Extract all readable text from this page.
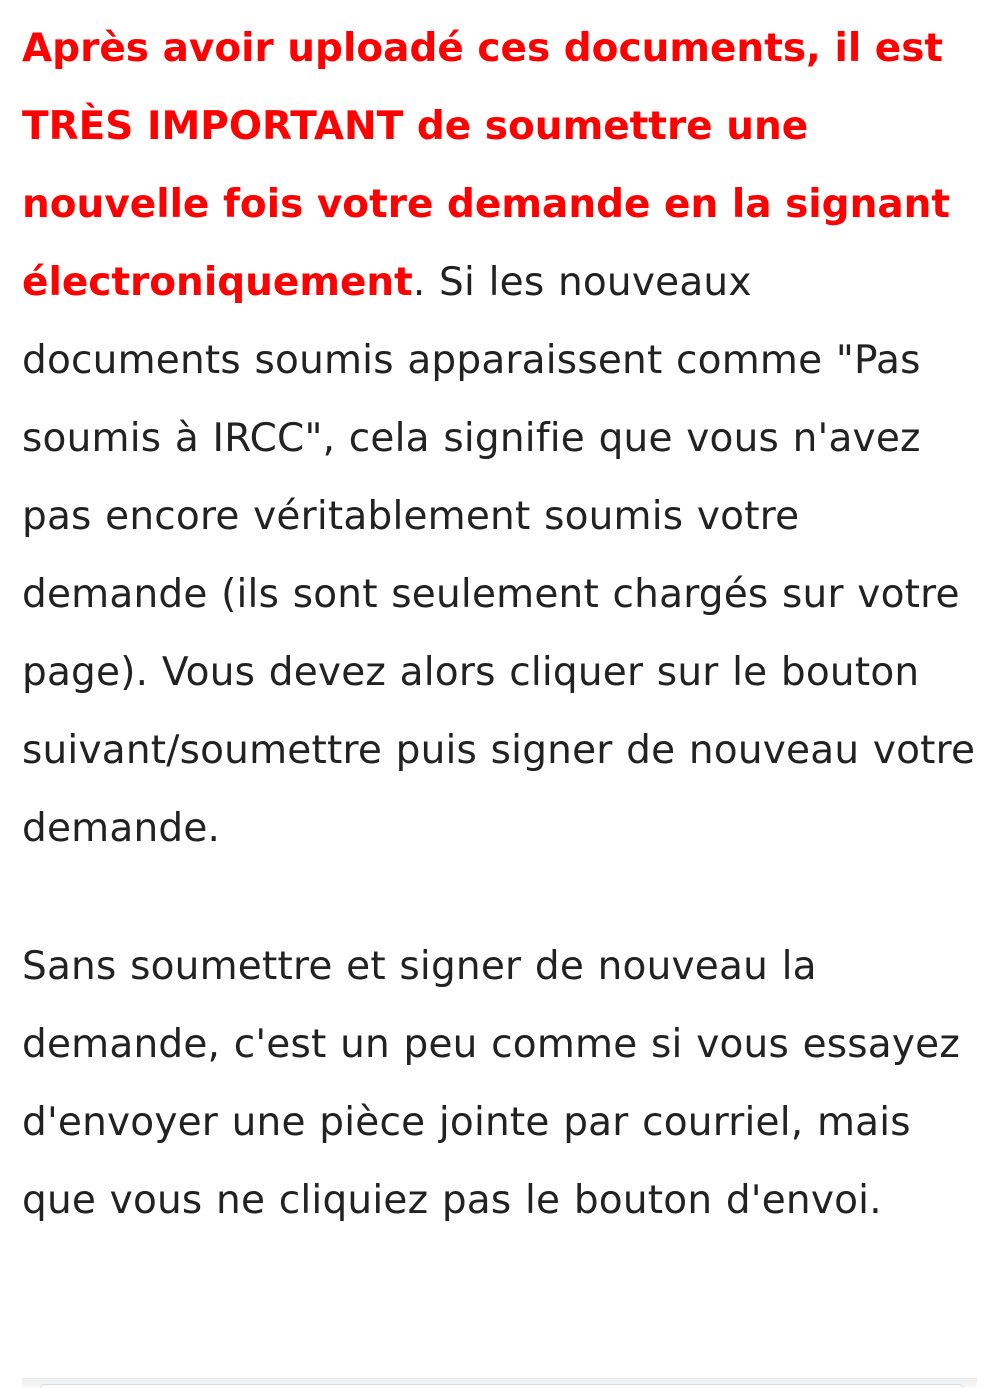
Après avoir uploadé ces documents, il est TRÈS IMPORTANT de soumettre une nouvelle fois votre demande en la signant électroniquement. Si les nouveaux documents soumis apparaissent comme "Pas soumis à IRCC", cela signifie que vous n'avez pas encore véritablement soumis votre demande (ils sont seulement chargés sur votre page). Vous devez alors cliquer sur le bouton suivant/soumettre puis signer de nouveau votre demande.

Sans soumettre et signer de nouveau la demande, c'est un peu comme si vous essayez d'envoyer une pièce jointe par courriel, mais que vous ne cliquiez pas le bouton d'envoi.
